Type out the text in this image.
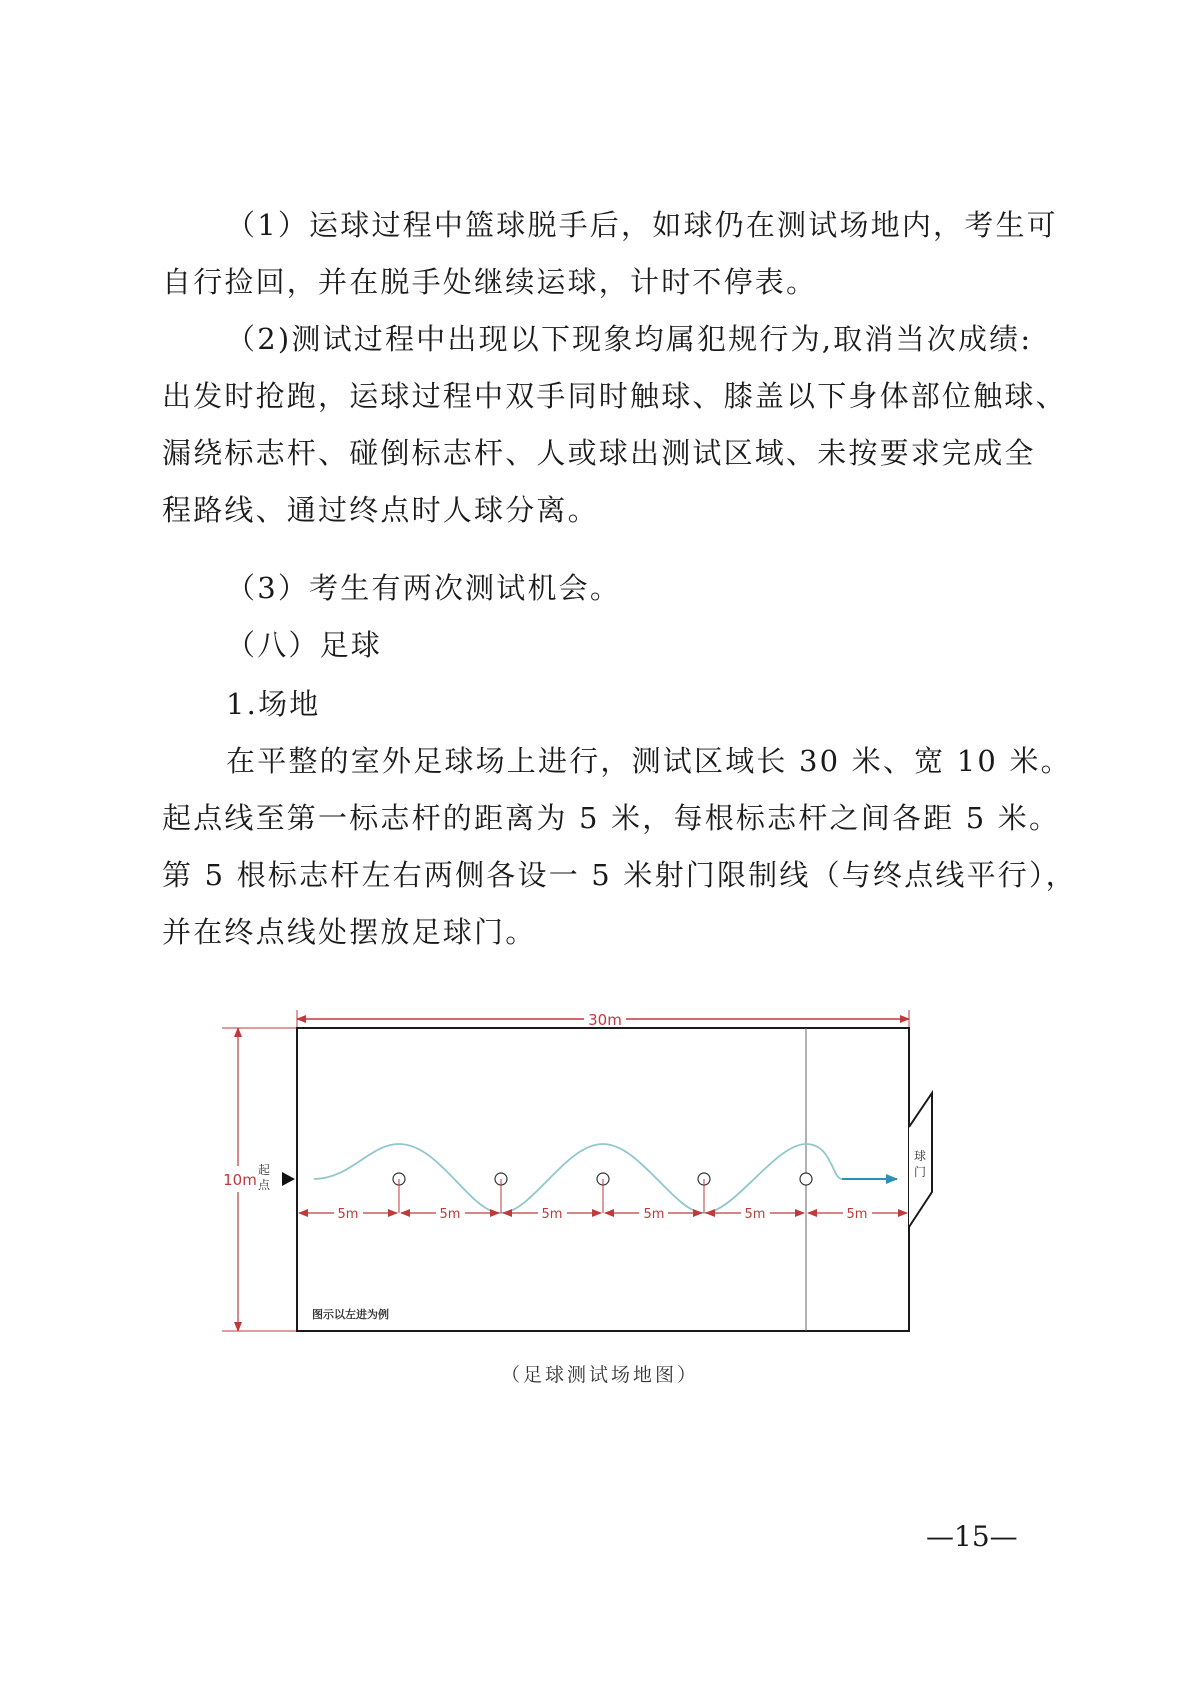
（1）运球过程中篮球脱手后，如球仍在测试场地内，考生可
自行捡回，并在脱手处继续运球，计时不停表。
（2)测试过程中出现以下现象均属犯规行为,取消当次成绩:
出发时抢跑，运球过程中双手同时触球、膝盖以下身体部位触球、
漏绕标志杆、碰倒标志杆、人或球出测试区域、未按要求完成全
程路线、通过终点时人球分离。
（3）考生有两次测试机会。
（八）足球
1.场地
在平整的室外足球场上进行，测试区域长 30 米、宽 10 米。
起点线至第一标志杆的距离为 5 米，每根标志杆之间各距 5 米。
第 5 根标志杆左右两侧各设一 5 米射门限制线（与终点线平行），
并在终点线处摆放足球门。
30m
10m
起
点
球
门
5m	5m	5m	5m	5m	5m
图示以左进为例
（足球测试场地图）
—15—
